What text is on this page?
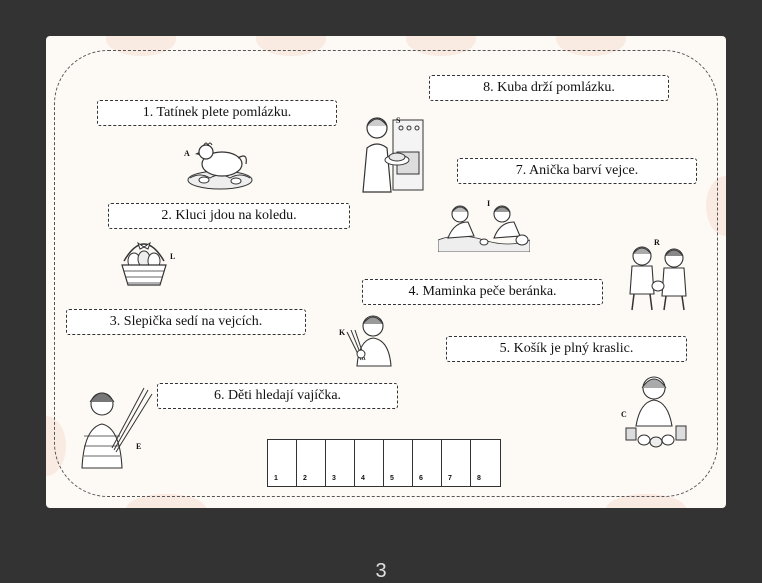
1. Tatínek plete pomlázku.
2. Kluci jdou na koledu.
3. Slepička sedí na vejcích.
4. Maminka peče beránka.
5. Košík je plný kraslic.
6. Děti hledají vajíčka.
7. Anička barví vejce.
8. Kuba drží pomlázku.
A
S
I
L
R
K
C
E
1	2	3	4	5	6	7	8
3
